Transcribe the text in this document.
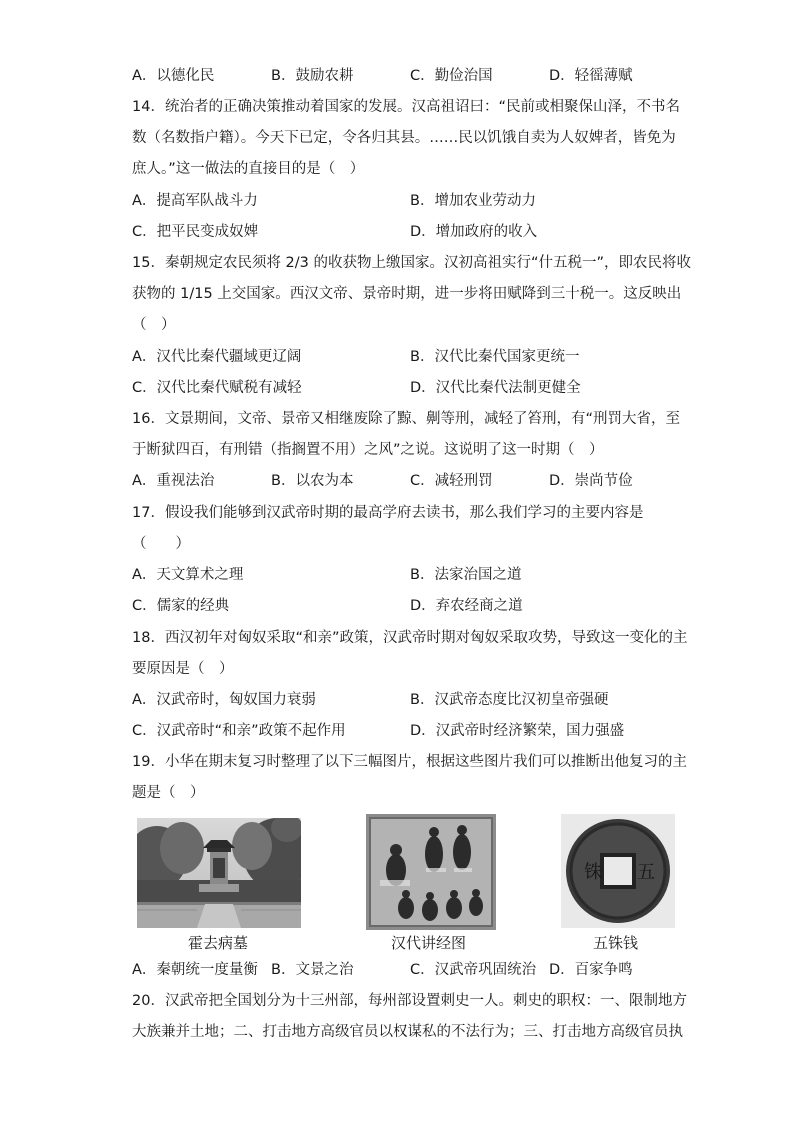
A．以德化民	B．鼓励农耕	C．勤俭治国	D．轻徭薄赋
14．统治者的正确决策推动着国家的发展。汉高祖诏曰：“民前或相聚保山泽，不书名
数（名数指户籍）。今天下已定，令各归其县。……民以饥饿自卖为人奴婢者，皆免为
庶人。”这一做法的直接目的是（　）
A．提高军队战斗力	B．增加农业劳动力
C．把平民变成奴婢	D．增加政府的收入
15．秦朝规定农民须将 2/3 的收获物上缴国家。汉初高祖实行“什五税一”，即农民将收
获物的 1/15 上交国家。西汉文帝、景帝时期，进一步将田赋降到三十税一。这反映出
（　）
A．汉代比秦代疆域更辽阔	B．汉代比秦代国家更统一
C．汉代比秦代赋税有减轻	D．汉代比秦代法制更健全
16．文景期间，文帝、景帝又相继废除了黥、劓等刑，减轻了笞刑，有“刑罚大省，至
于断狱四百，有刑错（指搁置不用）之风”之说。这说明了这一时期（　）
A．重视法治	B．以农为本	C．减轻刑罚	D．崇尚节俭
17．假设我们能够到汉武帝时期的最高学府去读书，那么我们学习的主要内容是
（　　）
A．天文算术之理	B．法家治国之道
C．儒家的经典	D．弃农经商之道
18．西汉初年对匈奴采取“和亲”政策，汉武帝时期对匈奴采取攻势，导致这一变化的主
要原因是（　）
A．汉武帝时，匈奴国力衰弱	B．汉武帝态度比汉初皇帝强硬
C．汉武帝时“和亲”政策不起作用	D．汉武帝时经济繁荣，国力强盛
19．小华在期末复习时整理了以下三幅图片，根据这些图片我们可以推断出他复习的主
题是（　）
霍去病墓	汉代讲经图
铢 五
五铢钱
A．秦朝统一度量衡 B．文景之治	C．汉武帝巩固统治 D．百家争鸣
20．汉武帝把全国划分为十三州部，每州部设置刺史一人。刺史的职权：一、限制地方
大族兼并土地；二、打击地方高级官员以权谋私的不法行为；三、打击地方高级官员执
